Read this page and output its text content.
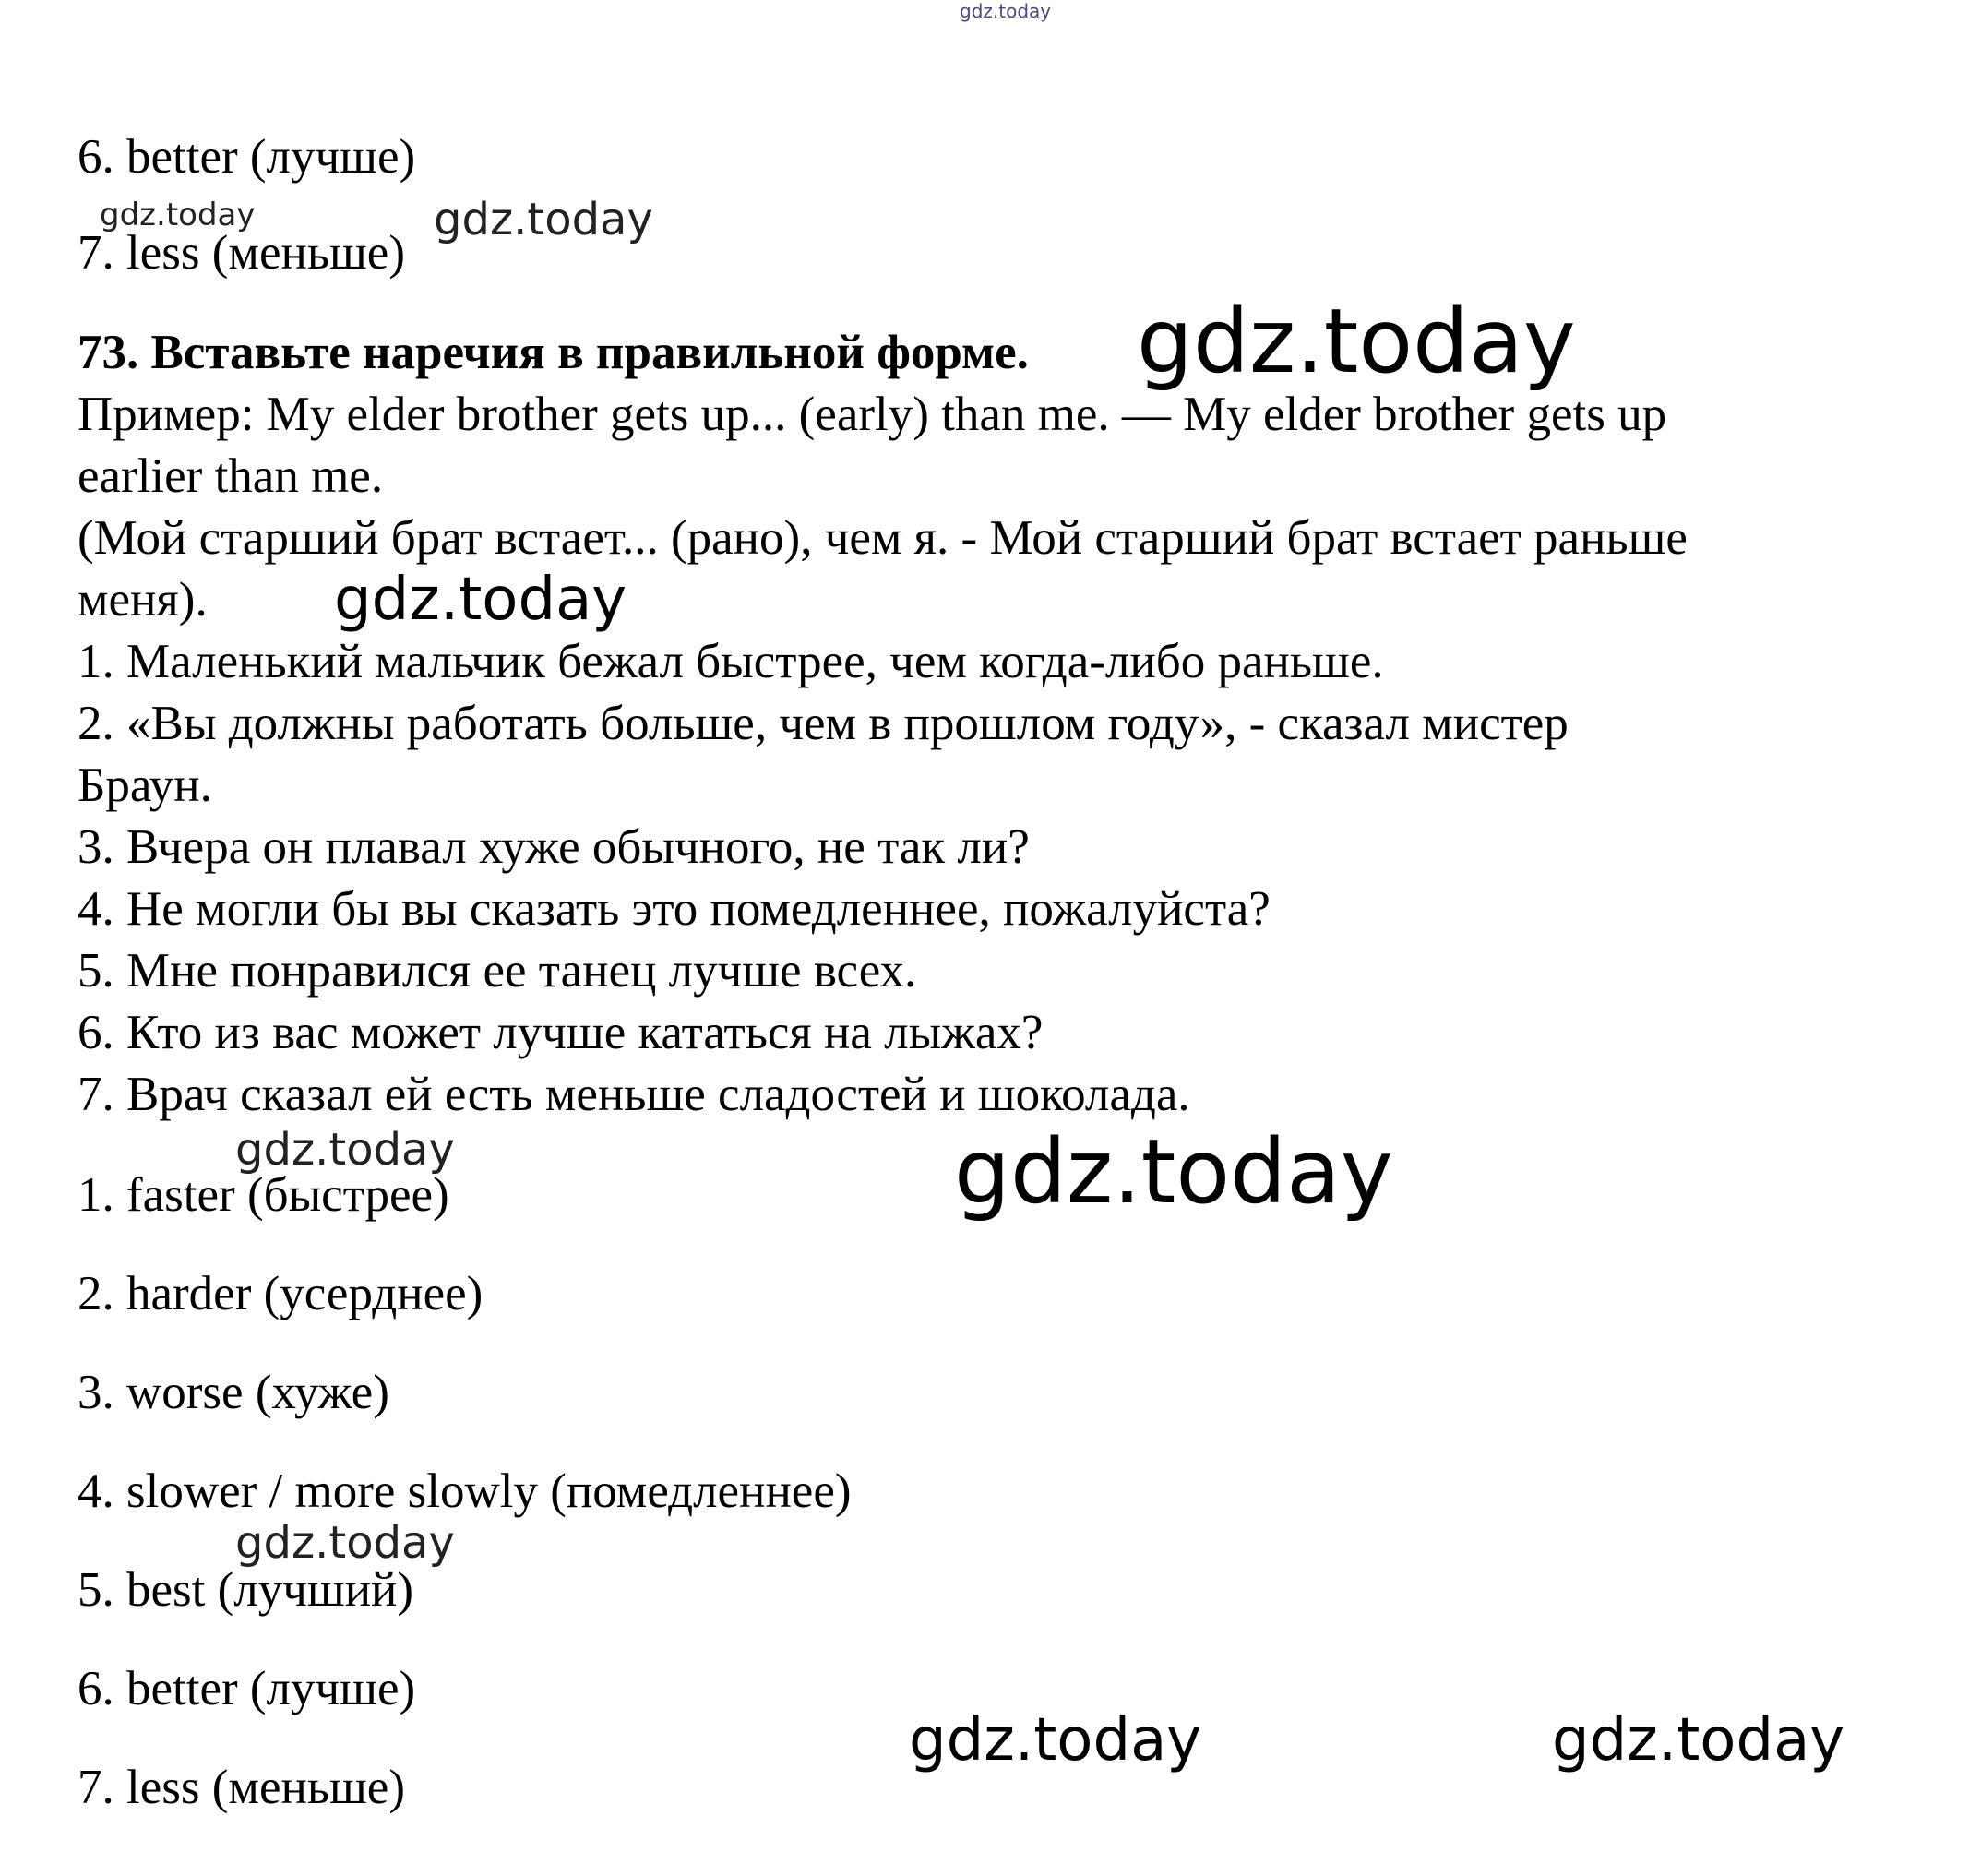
gdz.today
gdz.today	gdz.today
gdz.today
gdz.today
gdz.today	gdz.today
gdz.today
gdz.today	gdz.today
6. better (лучше)
7. less (меньше)
73. Вставьте наречия в правильной форме.
Пример: My elder brother gets up... (early) than me. — My elder brother gets up
earlier than me.
(Мой старший брат встает... (рано), чем я. - Мой старший брат встает раньше
меня).
1. Маленький мальчик бежал быстрее, чем когда-либо раньше.
2. «Вы должны работать больше, чем в прошлом году», - сказал мистер
Браун.
3. Вчера он плавал хуже обычного, не так ли?
4. Не могли бы вы сказать это помедленнее, пожалуйста?
5. Мне понравился ее танец лучше всех.
6. Кто из вас может лучше кататься на лыжах?
7. Врач сказал ей есть меньше сладостей и шоколада.
1. faster (быстрее)
2. harder (усерднее)
3. worse (хуже)
4. slower / more slowly (помедленнее)
5. best (лучший)
6. better (лучше)
7. less (меньше)
